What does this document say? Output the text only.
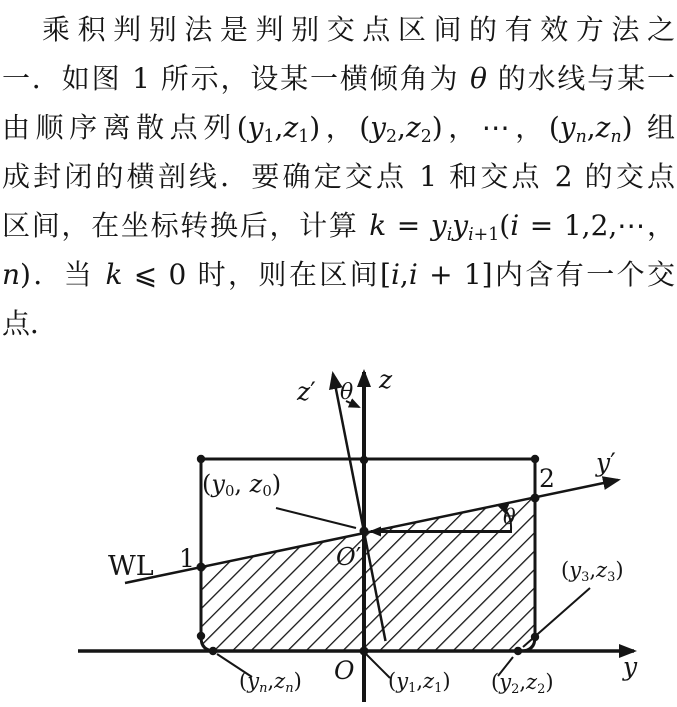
乘积判别法是判别交点区间的有效方法之
一．如图 1 所示，设某一横倾角为 θ 的水线与某一
由顺序离散点列$(y_1,z_1)$，$(y_2,z_2)$，⋯，$(y_n,z_n)$ 组
成封闭的横剖线．要确定交点 1 和交点 2 的交点
区间，在坐标转换后，计算 $k = y_iy_{i+1}(i$ = 1,2,⋯，
n)．当 k ⩽ 0 时，则在区间[i,i + 1]内含有一个交
点．
z
z′ θ
y′
2
θ
($y_0$, $z_0$)
O′
WL 1	$(y_3,z_3)$
O	y
$(y_n,z_n)$	$(y_1,z_1)$ $(y_2,z_2)$
